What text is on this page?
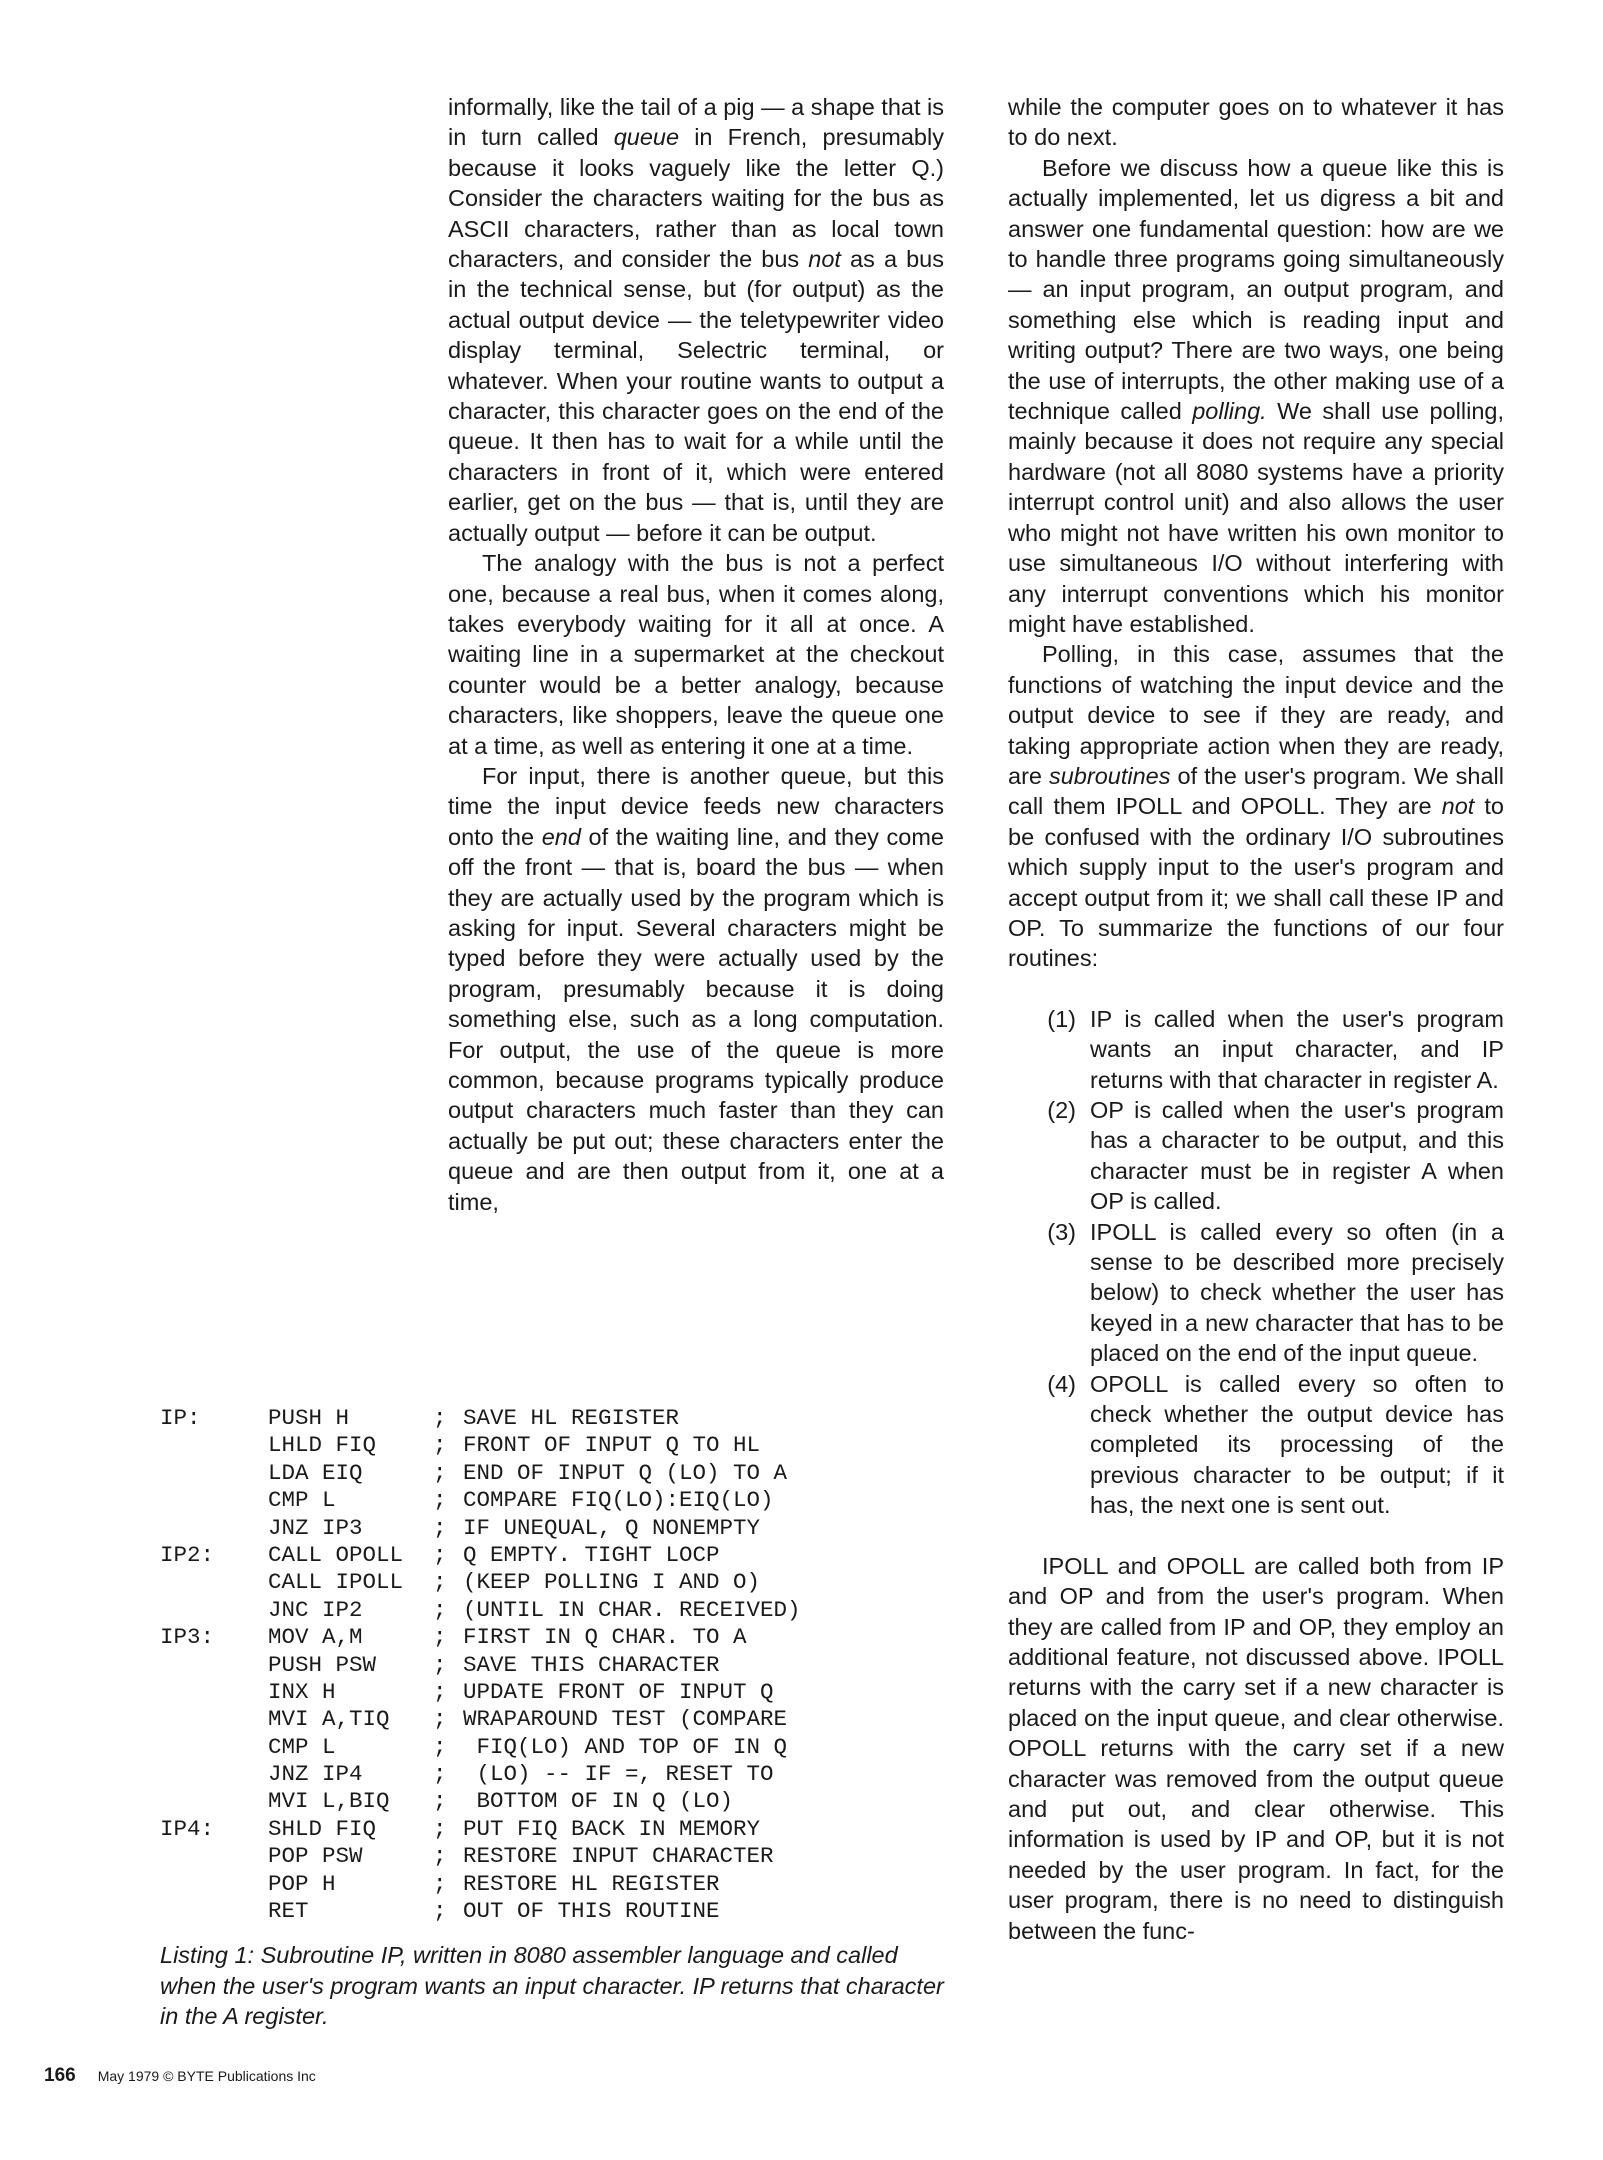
informally, like the tail of a pig — a shape that is in turn called queue in French, presumably because it looks vaguely like the letter Q.) Consider the characters waiting for the bus as ASCII characters, rather than as local town characters, and consider the bus not as a bus in the technical sense, but (for output) as the actual output device — the teletypewriter video display terminal, Selectric terminal, or whatever. When your routine wants to output a character, this character goes on the end of the queue. It then has to wait for a while until the characters in front of it, which were entered earlier, get on the bus — that is, until they are actually output — before it can be output.

The analogy with the bus is not a perfect one, because a real bus, when it comes along, takes everybody waiting for it all at once. A waiting line in a supermarket at the checkout counter would be a better analogy, because characters, like shoppers, leave the queue one at a time, as well as entering it one at a time.

For input, there is another queue, but this time the input device feeds new characters onto the end of the waiting line, and they come off the front — that is, board the bus — when they are actually used by the program which is asking for input. Several characters might be typed before they were actually used by the program, presumably because it is doing something else, such as a long computation. For output, the use of the queue is more common, because programs typically produce output characters much faster than they can actually be put out; these characters enter the queue and are then output from it, one at a time,

while the computer goes on to whatever it has to do next.

Before we discuss how a queue like this is actually implemented, let us digress a bit and answer one fundamental question: how are we to handle three programs going simultaneously — an input program, an output program, and something else which is reading input and writing output? There are two ways, one being the use of interrupts, the other making use of a technique called polling. We shall use polling, mainly because it does not require any special hardware (not all 8080 systems have a priority interrupt control unit) and also allows the user who might not have written his own monitor to use simultaneous I/O without interfering with any interrupt conventions which his monitor might have established.

Polling, in this case, assumes that the functions of watching the input device and the output device to see if they are ready, and taking appropriate action when they are ready, are subroutines of the user's program. We shall call them IPOLL and OPOLL. They are not to be confused with the ordinary I/O subroutines which supply input to the user's program and accept output from it; we shall call these IP and OP. To summarize the functions of our four routines:

(1) IP is called when the user's program wants an input character, and IP returns with that character in register A.
(2) OP is called when the user's program has a character to be output, and this character must be in register A when OP is called.
(3) IPOLL is called every so often (in a sense to be described more precisely below) to check whether the user has keyed in a new character that has to be placed on the end of the input queue.
(4) OPOLL is called every so often to check whether the output device has completed its processing of the previous character to be output; if it has, the next one is sent out.

IPOLL and OPOLL are called both from IP and OP and from the user's program. When they are called from IP and OP, they employ an additional feature, not discussed above. IPOLL returns with the carry set if a new character is placed on the input queue, and clear otherwise. OPOLL returns with the carry set if a new character was removed from the output queue and put out, and clear otherwise. This information is used by IP and OP, but it is not needed by the user program. In fact, for the user program, there is no need to distinguish between the func-

IP:	PUSH H	; SAVE HL REGISTER
LHLD FIQ	; FRONT OF INPUT Q TO HL
LDA EIQ	; END OF INPUT Q (LO) TO A
CMP L	; COMPARE FIQ(LO):EIQ(LO)
JNZ IP3	; IF UNEQUAL, Q NONEMPTY
IP2:	CALL OPOLL	; Q EMPTY. TIGHT LOCP
CALL IPOLL	; (KEEP POLLING I AND O)
JNC IP2	; (UNTIL IN CHAR. RECEIVED)
IP3:	MOV A,M	; FIRST IN Q CHAR. TO A
PUSH PSW	; SAVE THIS CHARACTER
INX H	; UPDATE FRONT OF INPUT Q
MVI A,TIQ	; WRAPAROUND TEST (COMPARE
CMP L	; FIQ(LO) AND TOP OF IN Q
JNZ IP4	; (LO) -- IF =, RESET TO
MVI L,BIQ	; BOTTOM OF IN Q (LO)
IP4:	SHLD FIQ	; PUT FIQ BACK IN MEMORY
POP PSW	; RESTORE INPUT CHARACTER
POP H	; RESTORE HL REGISTER
RET	; OUT OF THIS ROUTINE
Listing 1: Subroutine IP, written in 8080 assembler language and called when the user's program wants an input character. IP returns that character in the A register.
166 May 1979 © BYTE Publications Inc
